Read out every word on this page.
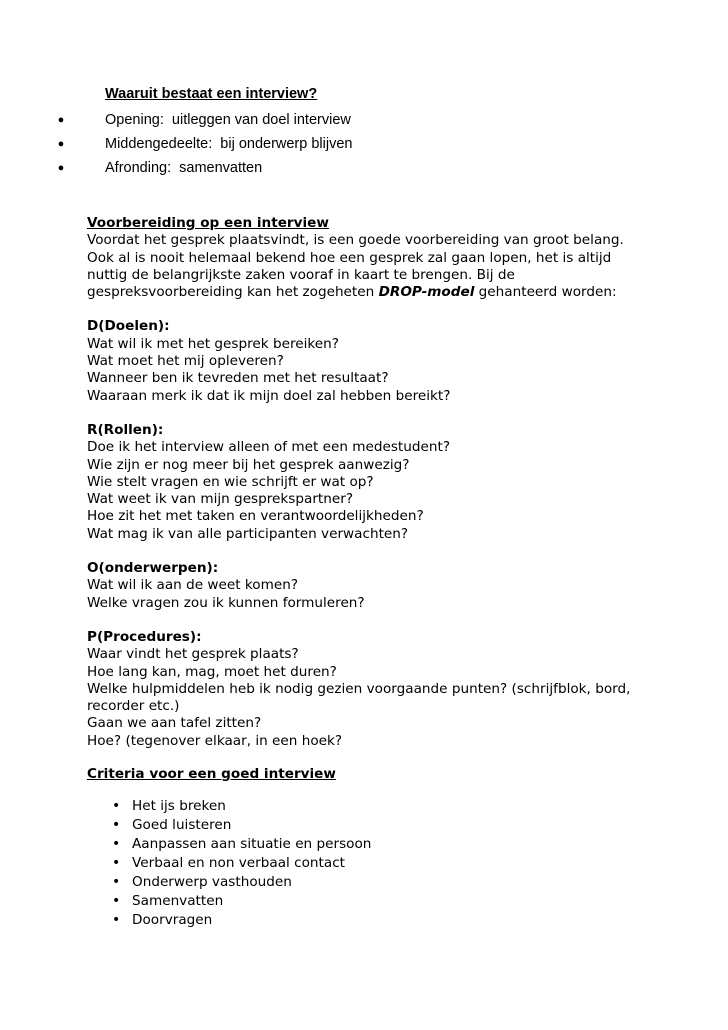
Waaruit bestaat een interview?
●	Opening:  uitleggen van doel interview
●	Middengedeelte:  bij onderwerp blijven
●	Afronding:  samenvatten

Voorbereiding op een interview

Voordat het gesprek plaatsvindt, is een goede voorbereiding van groot belang.

Ook al is nooit helemaal bekend hoe een gesprek zal gaan lopen, het is altijd

nuttig de belangrijkste zaken vooraf in kaart te brengen. Bij de

gespreksvoorbereiding kan het zogeheten DROP-model gehanteerd worden:

D(Doelen):

Wat wil ik met het gesprek bereiken?

Wat moet het mij opleveren?

Wanneer ben ik tevreden met het resultaat?

Waaraan merk ik dat ik mijn doel zal hebben bereikt?

R(Rollen):

Doe ik het interview alleen of met een medestudent?

Wie zijn er nog meer bij het gesprek aanwezig?

Wie stelt vragen en wie schrijft er wat op?

Wat weet ik van mijn gesprekspartner?

Hoe zit het met taken en verantwoordelijkheden?

Wat mag ik van alle participanten verwachten?

O(onderwerpen):

Wat wil ik aan de weet komen?

Welke vragen zou ik kunnen formuleren?

P(Procedures):

Waar vindt het gesprek plaats?

Hoe lang kan, mag, moet het duren?

Welke hulpmiddelen heb ik nodig gezien voorgaande punten? (schrijfblok, bord,

recorder etc.)

Gaan we aan tafel zitten?

Hoe? (tegenover elkaar, in een hoek?

Criteria voor een goed interview
• Het ijs breken
• Goed luisteren
• Aanpassen aan situatie en persoon
• Verbaal en non verbaal contact
• Onderwerp vasthouden
• Samenvatten
• Doorvragen
